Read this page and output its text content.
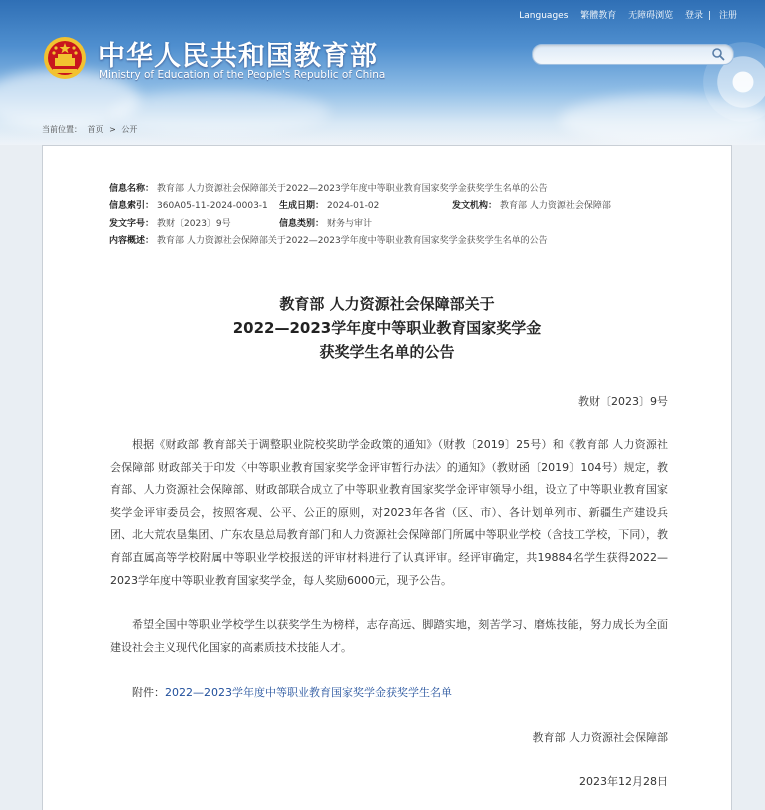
中华人民共和国教育部

Ministry of Education of the People's Republic of China

Languages 繁體教育 无障碍浏览 登录 | 注册
当前位置： 首页 > 公开
信息名称： 教育部 人力资源社会保障部关于2022—2023学年度中等职业教育国家奖学金获奖学生名单的公告
信息索引： 360A05-11-2024-0003-1 生成日期： 2024-01-02	发文机构： 教育部 人力资源社会保障部
发文字号： 教财〔2023〕9号	信息类别： 财务与审计
内容概述： 教育部 人力资源社会保障部关于2022—2023学年度中等职业教育国家奖学金获奖学生名单的公告
教育部 人力资源社会保障部关于
2022—2023学年度中等职业教育国家奖学金
获奖学生名单的公告
教财〔2023〕9号

根据《财政部 教育部关于调整职业院校奖助学金政策的通知》（财教〔2019〕25号）和《教育部 人力资源社会保障部 财政部关于印发〈中等职业教育国家奖学金评审暂行办法〉的通知》（教财函〔2019〕104号）规定，教育部、人力资源社会保障部、财政部联合成立了中等职业教育国家奖学金评审领导小组，设立了中等职业教育国家奖学金评审委员会，按照客观、公平、公正的原则，对2023年各省（区、市）、各计划单列市、新疆生产建设兵团、北大荒农垦集团、广东农垦总局教育部门和人力资源社会保障部门所属中等职业学校（含技工学校，下同），教育部直属高等学校附属中等职业学校报送的评审材料进行了认真评审。经评审确定，共19884名学生获得2022—2023学年度中等职业教育国家奖学金，每人奖励6000元，现予公告。

希望全国中等职业学校学生以获奖学生为榜样，志存高远、脚踏实地，刻苦学习、磨炼技能，努力成长为全面建设社会主义现代化国家的高素质技术技能人才。

附件：2022—2023学年度中等职业教育国家奖学金获奖学生名单
教育部 人力资源社会保障部
2023年12月28日
